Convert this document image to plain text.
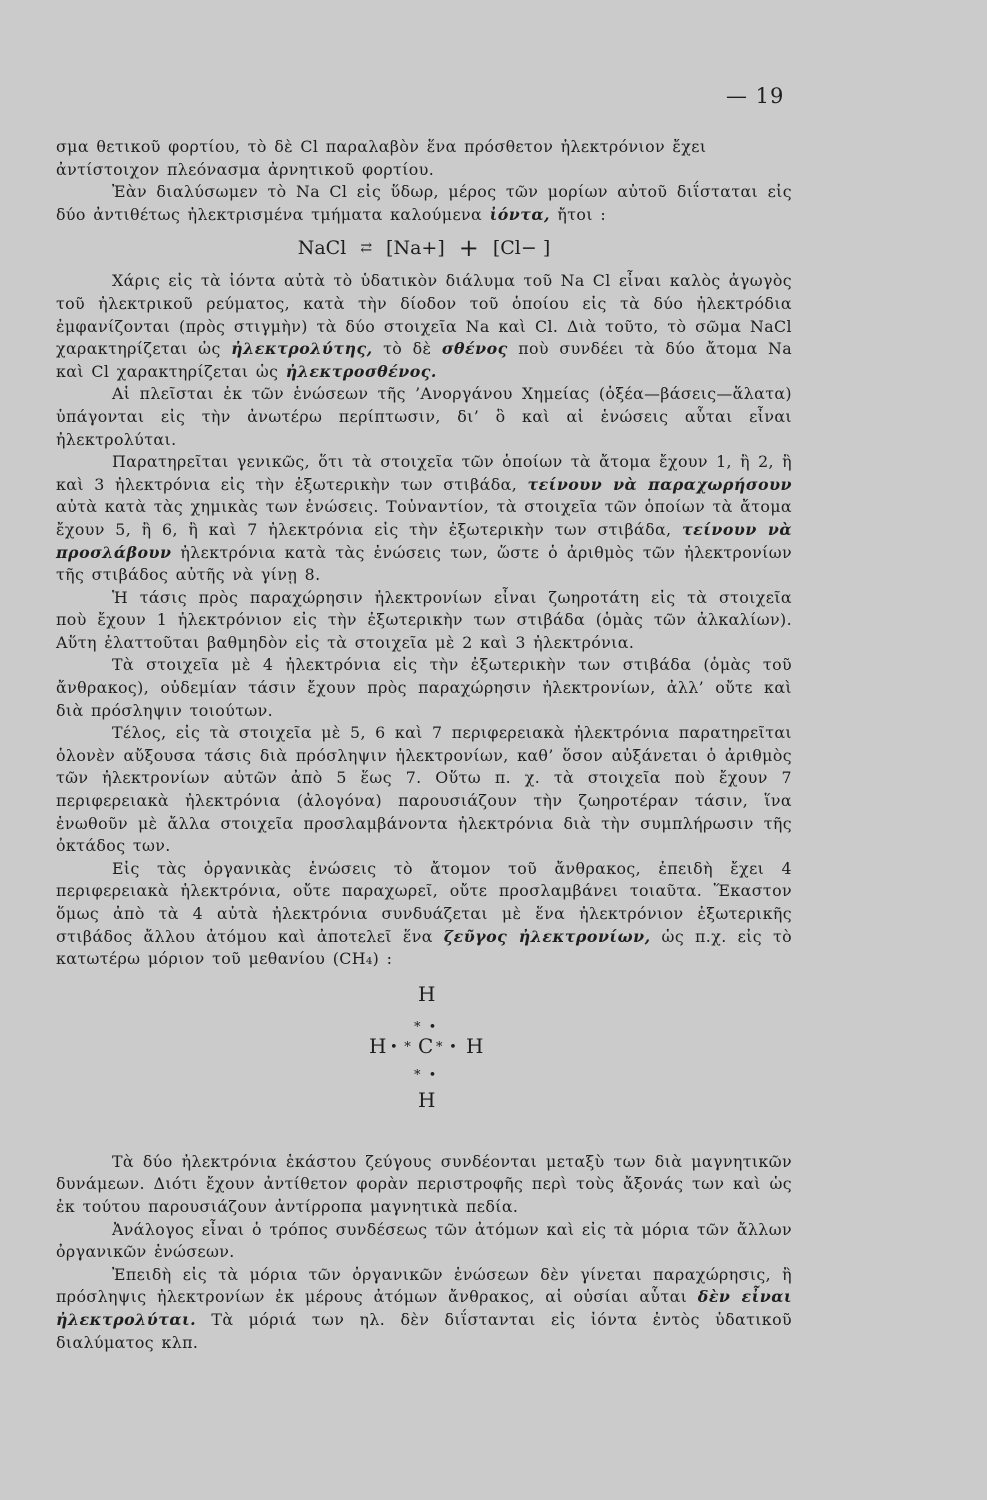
— 19

σμα θετικοῦ φορτίου, τὸ δὲ Cl παραλαβὸν ἕνα πρόσθετον ἠλεκτρόνιον ἔχει
ἀντίστοιχον πλεόνασμα ἀρνητικοῦ φορτίου.

Ἐὰν διαλύσωμεν τὸ Na Cl εἰς ὕδωρ, μέρος τῶν μορίων αὐτοῦ διΐσταται εἰς δύο ἀντιθέτως ἠλεκτρισμένα τμήματα καλούμενα ἰόντα, ἤτοι :

NaCl ⇄ [Na+] + [Cl− ]

Χάρις εἰς τὰ ἰόντα αὐτὰ τὸ ὑδατικὸν διάλυμα τοῦ Na Cl εἶναι καλὸς ἀγωγὸς τοῦ ἠλεκτρικοῦ ρεύματος, κατὰ τὴν δίοδον τοῦ ὁποίου εἰς τὰ δύο ἠλεκτρόδια ἐμφανίζονται (πρὸς στιγμὴν) τὰ δύο στοιχεῖα Na καὶ Cl. Διὰ τοῦτο, τὸ σῶμα NaCl χαρακτηρίζεται ὡς ἠλεκτρολύτης, τὸ δὲ σθένος ποὺ συνδέει τὰ δύο ἄτομα Na καὶ Cl χαρακτηρίζεται ὡς ἠλεκτροσθένος.

Αἱ πλεῖσται ἐκ τῶν ἑνώσεων τῆς ’Ανοργάνου Χημείας (ὀξέα—βάσεις—ἅλατα) ὑπάγονται εἰς τὴν ἀνωτέρω περίπτωσιν, δι’ ὃ καὶ αἱ ἑνώσεις αὗται εἶναι ἠλεκτρολύται.

Παρατηρεῖται γενικῶς, ὅτι τὰ στοιχεῖα τῶν ὁποίων τὰ ἄτομα ἔχουν 1, ἢ 2, ἢ καὶ 3 ἠλεκτρόνια εἰς τὴν ἐξωτερικὴν των στιβάδα, τείνουν νὰ παραχωρήσουν αὐτὰ κατὰ τὰς χημικὰς των ἑνώσεις. Τοὐναντίον, τὰ στοιχεῖα τῶν ὁποίων τὰ ἄτομα ἔχουν 5, ἢ 6, ἢ καὶ 7 ἠλεκτρόνια εἰς τὴν ἐξωτερικὴν των στιβάδα, τείνουν νὰ προσλάβουν ἠλεκτρόνια κατὰ τὰς ἑνώσεις των, ὥστε ὁ ἀριθμὸς τῶν ἠλεκτρονίων τῆς στιβάδος αὐτῆς νὰ γίνῃ 8.

Ἡ τάσις πρὸς παραχώρησιν ἠλεκτρονίων εἶναι ζωηροτάτη εἰς τὰ στοιχεῖα ποὺ ἔχουν 1 ἠλεκτρόνιον εἰς τὴν ἐξωτερικὴν των στιβάδα (ὁμὰς τῶν ἀλκαλίων). Αὕτη ἐλαττοῦται βαθμηδὸν εἰς τὰ στοιχεῖα μὲ 2 καὶ 3 ἠλεκτρόνια.

Τὰ στοιχεῖα μὲ 4 ἠλεκτρόνια εἰς τὴν ἐξωτερικὴν των στιβάδα (ὁμὰς τοῦ ἄνθρακος), οὐδεμίαν τάσιν ἔχουν πρὸς παραχώρησιν ἠλεκτρονίων, ἀλλ’ οὔτε καὶ διὰ πρόσληψιν τοιούτων.

Τέλος, εἰς τὰ στοιχεῖα μὲ 5, 6 καὶ 7 περιφερειακὰ ἠλεκτρόνια παρατηρεῖται ὁλονὲν αὔξουσα τάσις διὰ πρόσληψιν ἠλεκτρονίων, καθ’ ὅσον αὐξάνεται ὁ ἀριθμὸς τῶν ἠλεκτρονίων αὐτῶν ἀπὸ 5 ἕως 7. Οὕτω π. χ. τὰ στοιχεῖα ποὺ ἔχουν 7 περιφερειακὰ ἠλεκτρόνια (ἀλογόνα) παρουσιάζουν τὴν ζωηροτέραν τάσιν, ἵνα ἑνωθοῦν μὲ ἄλλα στοιχεῖα προσλαμβάνοντα ἠλεκτρόνια διὰ τὴν συμπλήρωσιν τῆς ὀκτάδος των.

Εἰς τὰς ὀργανικὰς ἑνώσεις τὸ ἄτομον τοῦ ἄνθρακος, ἐπειδὴ ἔχει 4 περιφερειακὰ ἠλεκτρόνια, οὔτε παραχωρεῖ, οὔτε προσλαμβάνει τοιαῦτα. Ἕκαστον ὅμως ἀπὸ τὰ 4 αὐτὰ ἠλεκτρόνια συνδυάζεται μὲ ἕνα ἠλεκτρόνιον ἐξωτερικῆς στιβάδος ἄλλου ἀτόμου καὶ ἀποτελεῖ ἕνα ζεῦγος ἠλεκτρονίων, ὡς π.χ. εἰς τὸ κατωτέρω μόριον τοῦ μεθανίου (CH₄) :

H
* •
H • * C * • H
* •
H

Τὰ δύο ἠλεκτρόνια ἑκάστου ζεύγους συνδέονται μεταξὺ των διὰ μαγνητικῶν δυνάμεων. Διότι ἔχουν ἀντίθετον φορὰν περιστροφῆς περὶ τοὺς ἄξονάς των καὶ ὡς ἐκ τούτου παρουσιάζουν ἀντίρροπα μαγνητικὰ πεδία.

Ἀνάλογος εἶναι ὁ τρόπος συνδέσεως τῶν ἀτόμων καὶ εἰς τὰ μόρια τῶν ἄλλων ὀργανικῶν ἑνώσεων.

Ἐπειδὴ εἰς τὰ μόρια τῶν ὀργανικῶν ἑνώσεων δὲν γίνεται παραχώρησις, ἢ πρόσληψις ἠλεκτρονίων ἐκ μέρους ἀτόμων ἄνθρακος, αἱ οὐσίαι αὗται δὲν εἶναι ἠλεκτρολύται. Τὰ μόριά των ηλ. δὲν διΐστανται εἰς ἰόντα ἐντὸς ὑδατικοῦ διαλύματος κλπ.
